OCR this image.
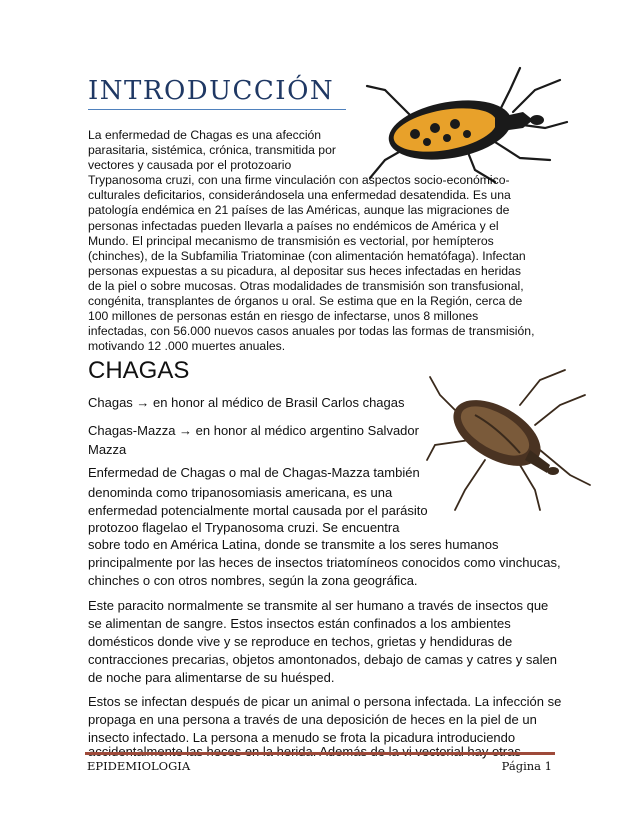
INTRODUCCIÓN
La enfermedad de Chagas es una afección
parasitaria, sistémica, crónica, transmitida por
vectores y causada por el protozoario
Trypanosoma cruzi, con una firme vinculación con aspectos socio-económico-
culturales deficitarios, considerándosela una enfermedad desatendida. Es una
patología endémica en 21 países de las Américas, aunque las migraciones de
personas infectadas pueden llevarla a países no endémicos de América y el
Mundo. El principal mecanismo de transmisión es vectorial, por hemípteros
(chinches), de la Subfamilia Triatominae (con alimentación hematófaga). Infectan
personas expuestas a su picadura, al depositar sus heces infectadas en heridas
de la piel o sobre mucosas. Otras modalidades de transmisión son transfusional,
congénita, transplantes de órganos u oral. Se estima que en la Región, cerca de
100 millones de personas están en riesgo de infectarse, unos 8 millones
infectadas, con 56.000 nuevos casos anuales por todas las formas de transmisión,
motivando 12 .000 muertes anuales.
CHAGAS
Chagas → en honor al médico de Brasil Carlos chagas
Chagas-Mazza → en honor al médico argentino Salvador
Mazza
Enfermedad de Chagas o mal de Chagas-Mazza también
denominda como tripanosomiasis americana, es una
enfermedad potencialmente mortal causada por el parásito
protozoo flagelao el Trypanosoma cruzi. Se encuentra
sobre todo en América Latina, donde se transmite a los seres humanos
principalmente por las heces de insectos triatomíneos conocidos como vinchucas,
chinches o con otros nombres, según la zona geográfica.
Este paracito normalmente se transmite al ser humano a través de insectos que
se alimentan de sangre. Estos insectos están confinados a los ambientes
domésticos donde vive y se reproduce en techos, grietas y hendiduras de
contracciones precarias, objetos amontonados, debajo de camas y catres y salen
de noche para alimentarse de su huésped.
Estos se infectan después de picar un animal o persona infectada. La infección se
propaga en una persona a través de una deposición de heces en la piel de un
insecto infectado. La persona a menudo se frota la picadura introduciendo
accidentalmente las heces en la herida. Además de la vi vectorial hay otras
EPIDEMIOLOGIA	Página 1
